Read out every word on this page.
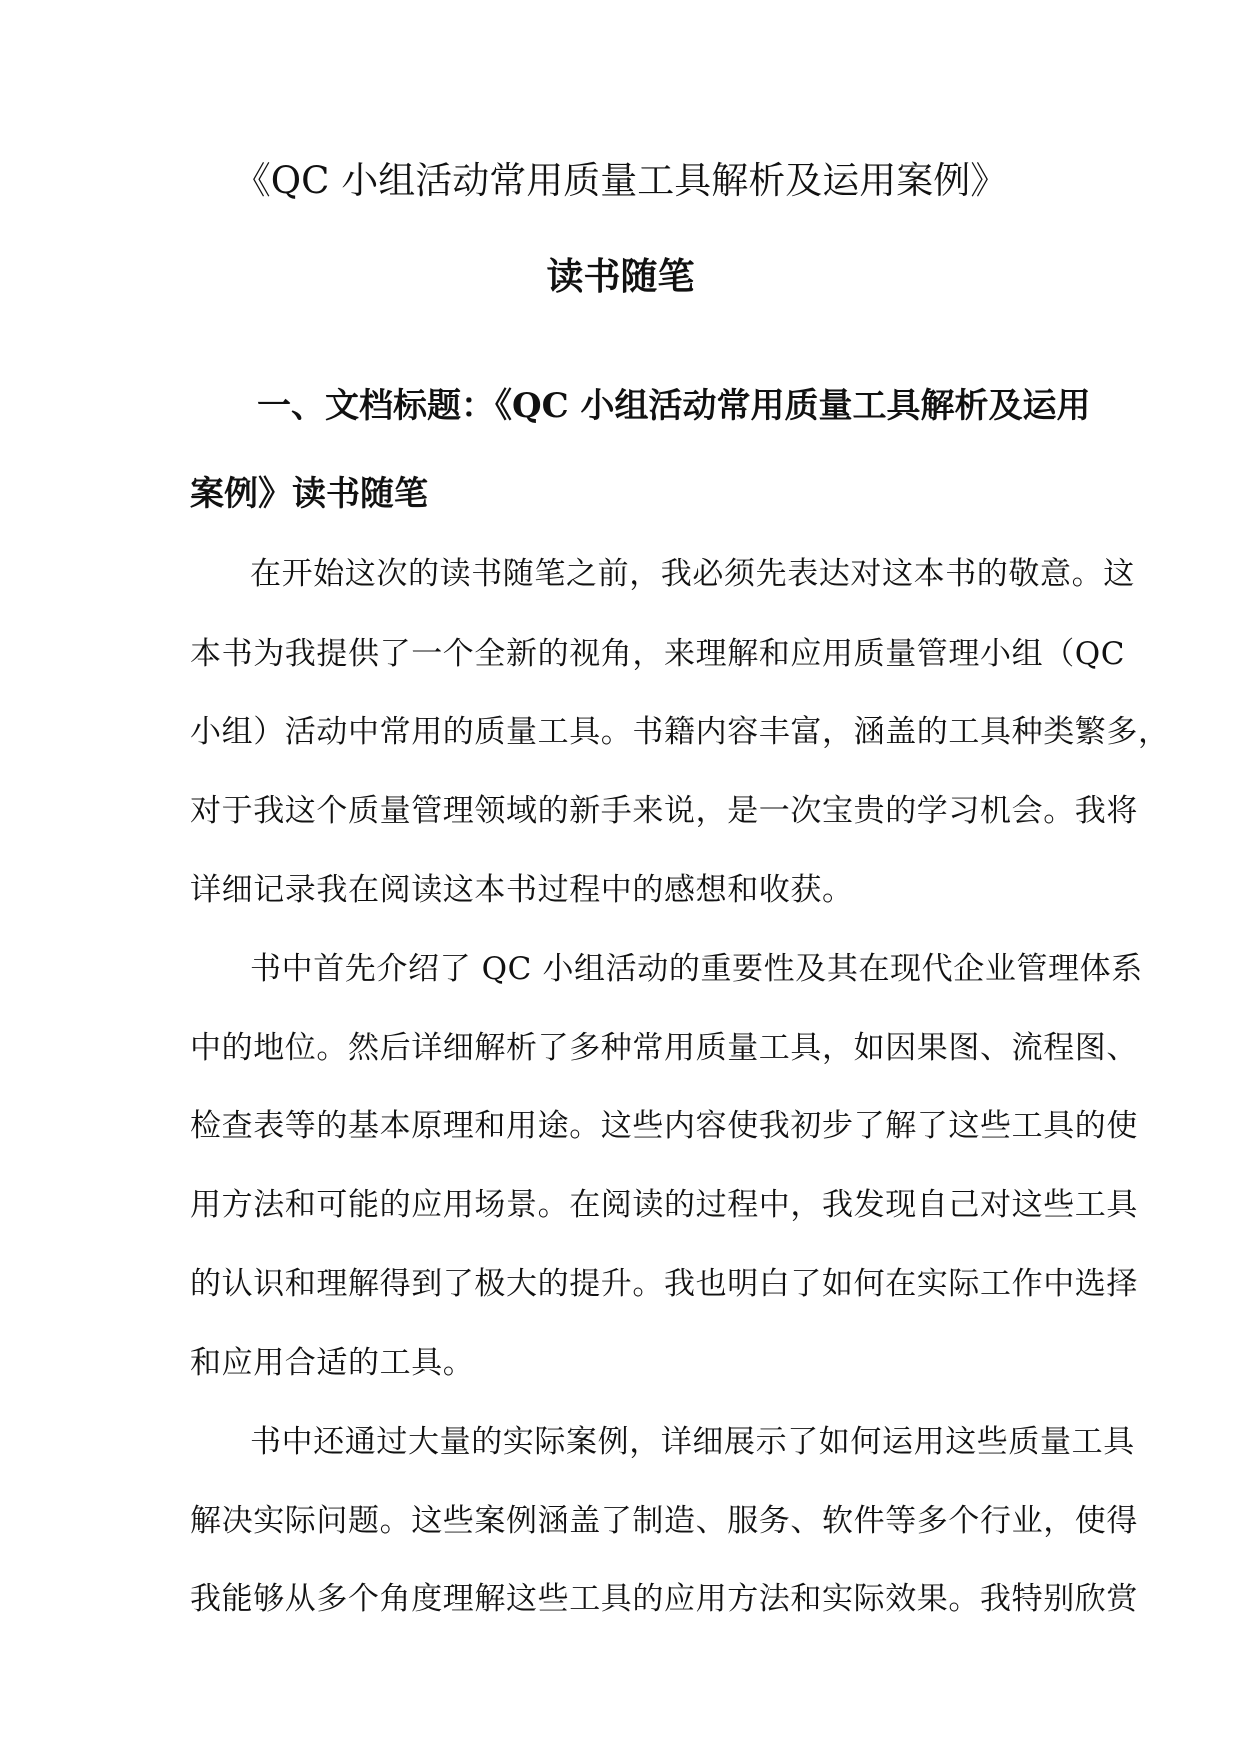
《QC 小组活动常用质量工具解析及运用案例》
读书随笔
一、文档标题：《QC 小组活动常用质量工具解析及运用
案例》读书随笔
在开始这次的读书随笔之前，我必须先表达对这本书的敬意。这
本书为我提供了一个全新的视角，来理解和应用质量管理小组（QC
小组）活动中常用的质量工具。书籍内容丰富，涵盖的工具种类繁多，
对于我这个质量管理领域的新手来说，是一次宝贵的学习机会。我将
详细记录我在阅读这本书过程中的感想和收获。
书中首先介绍了 QC 小组活动的重要性及其在现代企业管理体系
中的地位。然后详细解析了多种常用质量工具，如因果图、流程图、
检查表等的基本原理和用途。这些内容使我初步了解了这些工具的使
用方法和可能的应用场景。在阅读的过程中，我发现自己对这些工具
的认识和理解得到了极大的提升。我也明白了如何在实际工作中选择
和应用合适的工具。
书中还通过大量的实际案例，详细展示了如何运用这些质量工具
解决实际问题。这些案例涵盖了制造、服务、软件等多个行业，使得
我能够从多个角度理解这些工具的应用方法和实际效果。我特别欣赏
